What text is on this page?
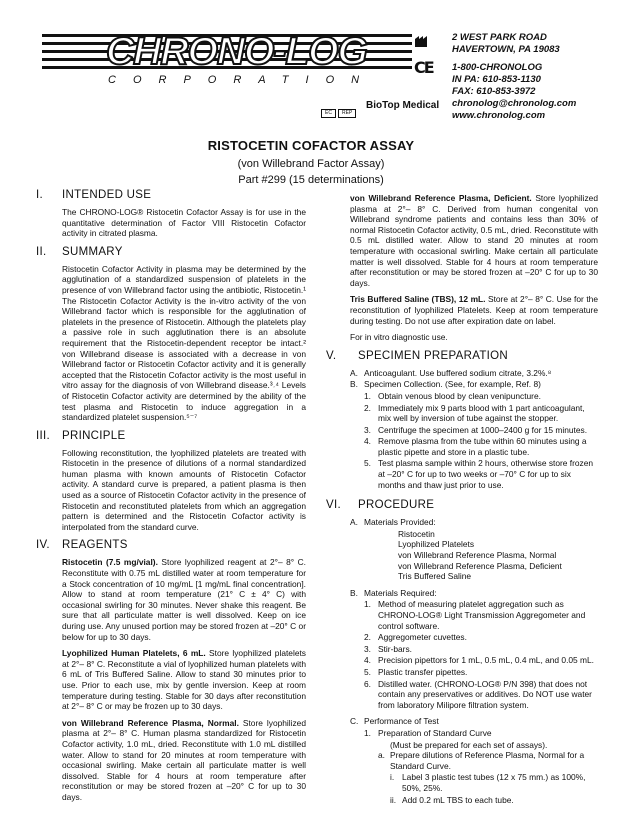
CHRONO-LOG
CORPORATION
EC REP
BioTop Medical
CE
2 WEST PARK ROAD
HAVERTOWN, PA 19083
1-800-CHRONOLOG
IN PA: 610-853-1130
FAX: 610-853-3972
chronolog@chronolog.com
www.chronolog.com
RISTOCETIN COFACTOR ASSAY
(von Willebrand Factor Assay)
Part #299 (15 determinations)
I. INTENDED USE
The CHRONO-LOG® Ristocetin Cofactor Assay is for use in the quantitative determination of Factor VIII Ristocetin Cofactor activity in citrated plasma.
II. SUMMARY
Ristocetin Cofactor Activity in plasma may be determined by the agglutination of a standardized suspension of platelets in the presence of von Willebrand factor using the antibiotic, Ristocetin.¹ The Ristocetin Cofactor Activity is the in-vitro activity of the von Willebrand factor which is responsible for the agglutination of platelets in the presence of Ristocetin. Although the platelets play a passive role in such agglutination there is an absolute requirement that the Ristocetin-dependent receptor be intact.² von Willebrand disease is associated with a decrease in von Willebrand factor or Ristocetin Cofactor activity and it is generally accepted that the Ristocetin Cofactor activity is the most useful in vitro assay for the diagnosis of von Willebrand disease.³˒⁴ Levels of Ristocetin Cofactor activity are determined by the ability of the test plasma and Ristocetin to induce aggregation in a standardized platelet suspension.⁵⁻⁷
III. PRINCIPLE
Following reconstitution, the lyophilized platelets are treated with Ristocetin in the presence of dilutions of a normal standardized human plasma with known amounts of Ristocetin Cofactor activity. A standard curve is prepared, a patient plasma is then used as a source of Ristocetin Cofactor activity in the presence of Ristocetin and reconstituted platelets from which an aggregation pattern is determined and the Ristocetin Cofactor activity is interpolated from the standard curve.
IV. REAGENTS
Ristocetin (7.5 mg/vial). Store lyophilized reagent at 2°– 8° C. Reconstitute with 0.75 mL distilled water at room temperature for a Stock concentration of 10 mg/mL [1 mg/mL final concentration]. Allow to stand at room temperature (21° C ± 4° C) with occasional swirling for 30 minutes. Never shake this reagent. Be sure that all particulate matter is well dissolved. Keep on ice during use. Any unused portion may be stored frozen at –20° C or below for up to 30 days.
Lyophilized Human Platelets, 6 mL. Store lyophilized platelets at 2°– 8° C. Reconstitute a vial of lyophilized human platelets with 6 mL of Tris Buffered Saline. Allow to stand 30 minutes prior to use. Prior to each use, mix by gentle inversion. Keep at room temperature during testing. Stable for 30 days after reconstitution at 2°– 8° C or may be frozen up to 30 days.
von Willebrand Reference Plasma, Normal. Store lyophilized plasma at 2°– 8° C. Human plasma standardized for Ristocetin Cofactor activity, 1.0 mL, dried. Reconstitute with 1.0 mL distilled water. Allow to stand for 20 minutes at room temperature with occasional swirling. Make certain all particulate matter is well dissolved. Stable for 4 hours at room temperature after reconstitution or may be stored frozen at –20° C for up to 30 days.
von Willebrand Reference Plasma, Deficient. Store lyophilized plasma at 2°– 8° C. Derived from human congenital von Willebrand syndrome patients and contains less than 30% of normal Ristocetin Cofactor activity, 0.5 mL, dried. Reconstitute with 0.5 mL distilled water. Allow to stand 20 minutes at room temperature with occasional swirling. Make certain all particulate matter is well dissolved. Stable for 4 hours at room temperature after reconstitution or may be stored frozen at –20° C for up to 30 days.
Tris Buffered Saline (TBS), 12 mL. Store at 2°– 8° C. Use for the reconstitution of lyophilized Platelets. Keep at room temperature during testing. Do not use after expiration date on label.
For in vitro diagnostic use.
V. SPECIMEN PREPARATION
A. Anticoagulant. Use buffered sodium citrate, 3.2%.⁸
B. Specimen Collection. (See, for example, Ref. 8)
1. Obtain venous blood by clean venipuncture.
2. Immediately mix 9 parts blood with 1 part anticoagulant, mix well by inversion of tube against the stopper.
3. Centrifuge the specimen at 1000–2400 g for 15 minutes.
4. Remove plasma from the tube within 60 minutes using a plastic pipette and store in a plastic tube.
5. Test plasma sample within 2 hours, otherwise store frozen at –20° C for up to two weeks or –70° C for up to six months and thaw just prior to use.
VI. PROCEDURE
A. Materials Provided:
Ristocetin
Lyophilized Platelets
von Willebrand Reference Plasma, Normal
von Willebrand Reference Plasma, Deficient
Tris Buffered Saline
B. Materials Required:
1. Method of measuring platelet aggregation such as CHRONO-LOG® Light Transmission Aggregometer and control software.
2. Aggregometer cuvettes.
3. Stir-bars.
4. Precision pipettors for 1 mL, 0.5 mL, 0.4 mL, and 0.05 mL.
5. Plastic transfer pipettes.
6. Distilled water. (CHRONO-LOG® P/N 398) that does not contain any preservatives or additives. Do NOT use water from laboratory Milipore filtration system.
C. Performance of Test
1. Preparation of Standard Curve
(Must be prepared for each set of assays).
a. Prepare dilutions of Reference Plasma, Normal for a Standard Curve.
i. Label 3 plastic test tubes (12 x 75 mm.) as 100%, 50%, 25%.
ii. Add 0.2 mL TBS to each tube.
